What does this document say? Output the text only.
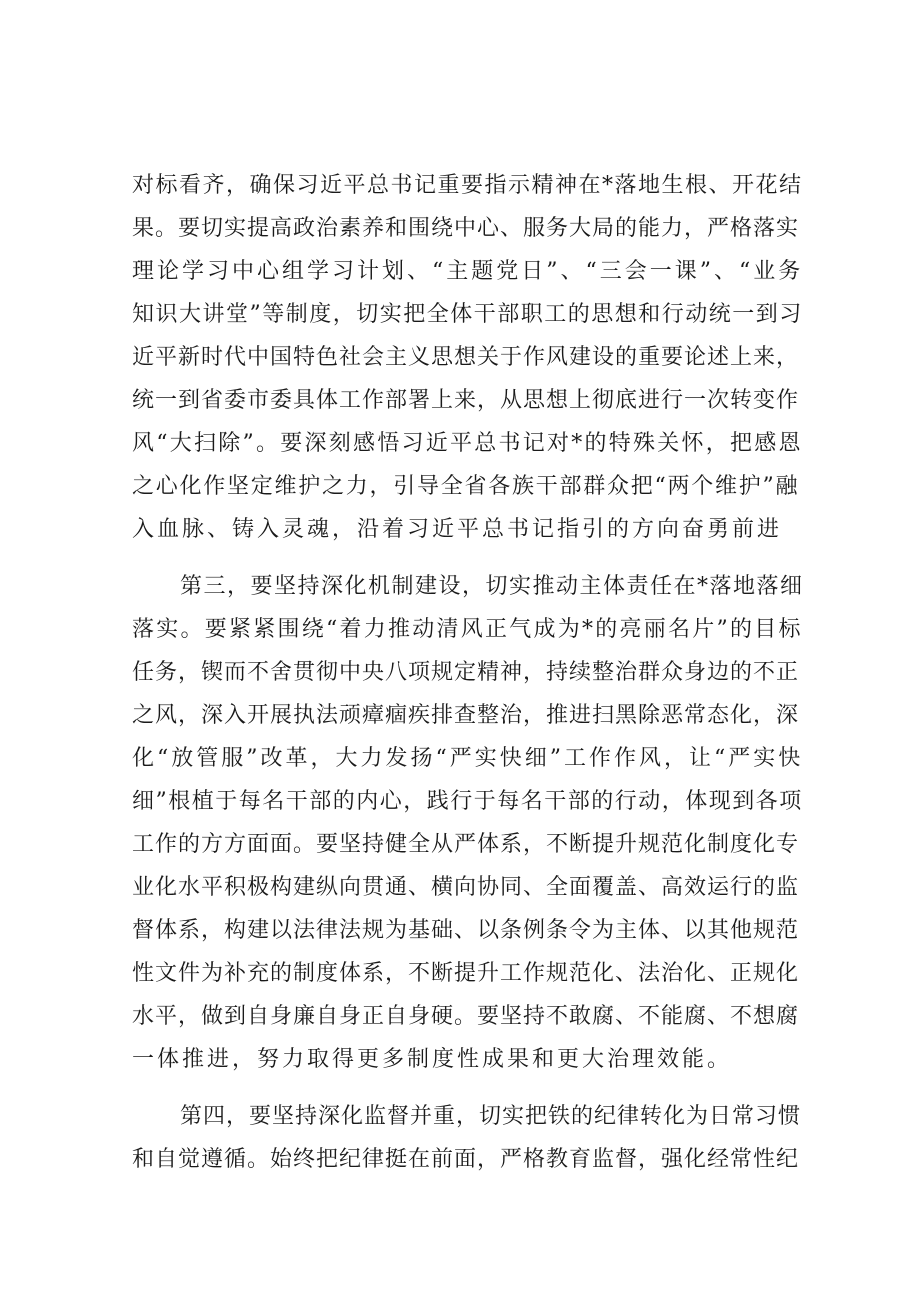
对标看齐，确保习近平总书记重要指示精神在*落地生根、开花结
果。要切实提高政治素养和围绕中心、服务大局的能力，严格落实
理论学习中心组学习计划、“主题党日”、“三会一课”、“业务
知识大讲堂”等制度，切实把全体干部职工的思想和行动统一到习
近平新时代中国特色社会主义思想关于作风建设的重要论述上来，
统一到省委市委具体工作部署上来，从思想上彻底进行一次转变作
风“大扫除”。要深刻感悟习近平总书记对*的特殊关怀，把感恩
之心化作坚定维护之力，引导全省各族干部群众把“两个维护”融
入血脉、铸入灵魂，沿着习近平总书记指引的方向奋勇前进
第三，要坚持深化机制建设，切实推动主体责任在*落地落细
落实。要紧紧围绕“着力推动清风正气成为*的亮丽名片”的目标
任务，锲而不舍贯彻中央八项规定精神，持续整治群众身边的不正
之风，深入开展执法顽瘴痼疾排查整治，推进扫黑除恶常态化，深
化“放管服”改革，大力发扬“严实快细”工作作风，让“严实快
细”根植于每名干部的内心，践行于每名干部的行动，体现到各项
工作的方方面面。要坚持健全从严体系，不断提升规范化制度化专
业化水平积极构建纵向贯通、横向协同、全面覆盖、高效运行的监
督体系，构建以法律法规为基础、以条例条令为主体、以其他规范
性文件为补充的制度体系，不断提升工作规范化、法治化、正规化
水平，做到自身廉自身正自身硬。要坚持不敢腐、不能腐、不想腐
一体推进，努力取得更多制度性成果和更大治理效能。
第四，要坚持深化监督并重，切实把铁的纪律转化为日常习惯
和自觉遵循。始终把纪律挺在前面，严格教育监督，强化经常性纪
